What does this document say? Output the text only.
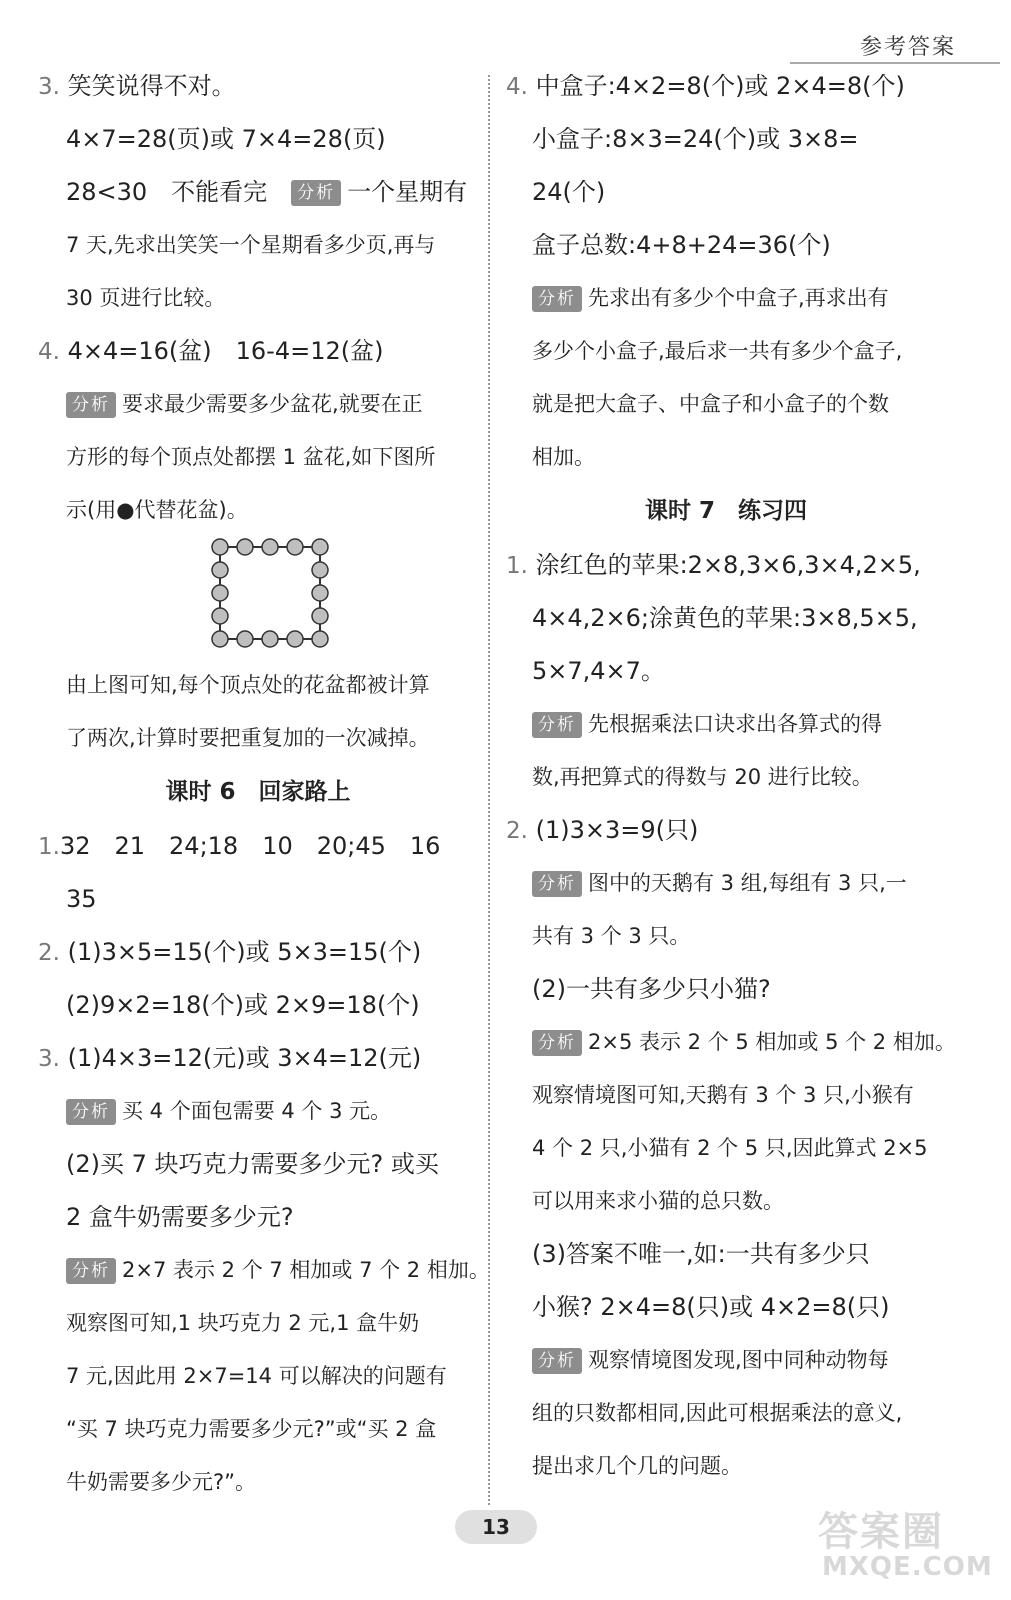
参考答案
3. 笑笑说得不对。
4×7=28(页)或 7×4=28(页)
28<30　不能看完　 分析 一个星期有
7 天,先求出笑笑一个星期看多少页,再与
30 页进行比较。
4. 4×4=16(盆)　16-4=12(盆)
分析 要求最少需要多少盆花,就要在正
方形的每个顶点处都摆 1 盆花,如下图所
示(用●代替花盆)。
由上图可知,每个顶点处的花盆都被计算
了两次,计算时要把重复加的一次减掉。
课时 6　回家路上
1.32　21　24;18　10　20;45　16
35
2. (1)3×5=15(个)或 5×3=15(个)
(2)9×2=18(个)或 2×9=18(个)
3. (1)4×3=12(元)或 3×4=12(元)
分析 买 4 个面包需要 4 个 3 元。
(2)买 7 块巧克力需要多少元? 或买
2 盒牛奶需要多少元?
分析 2×7 表示 2 个 7 相加或 7 个 2 相加。
观察图可知,1 块巧克力 2 元,1 盒牛奶
7 元,因此用 2×7=14 可以解决的问题有
“买 7 块巧克力需要多少元?”或“买 2 盒
牛奶需要多少元?”。
4. 中盒子:4×2=8(个)或 2×4=8(个)
小盒子:8×3=24(个)或 3×8=
24(个)
盒子总数:4+8+24=36(个)
分析 先求出有多少个中盒子,再求出有
多少个小盒子,最后求一共有多少个盒子,
就是把大盒子、中盒子和小盒子的个数
相加。
课时 7　练习四
1. 涂红色的苹果:2×8,3×6,3×4,2×5,
4×4,2×6;涂黄色的苹果:3×8,5×5,
5×7,4×7。
分析 先根据乘法口诀求出各算式的得
数,再把算式的得数与 20 进行比较。
2. (1)3×3=9(只)
分析 图中的天鹅有 3 组,每组有 3 只,一
共有 3 个 3 只。
(2)一共有多少只小猫?
分析 2×5 表示 2 个 5 相加或 5 个 2 相加。
观察情境图可知,天鹅有 3 个 3 只,小猴有
4 个 2 只,小猫有 2 个 5 只,因此算式 2×5
可以用来求小猫的总只数。
(3)答案不唯一,如:一共有多少只
小猴? 2×4=8(只)或 4×2=8(只)
分析 观察情境图发现,图中同种动物每
组的只数都相同,因此可根据乘法的意义,
提出求几个几的问题。
13	答案圈
MXQE.COM
